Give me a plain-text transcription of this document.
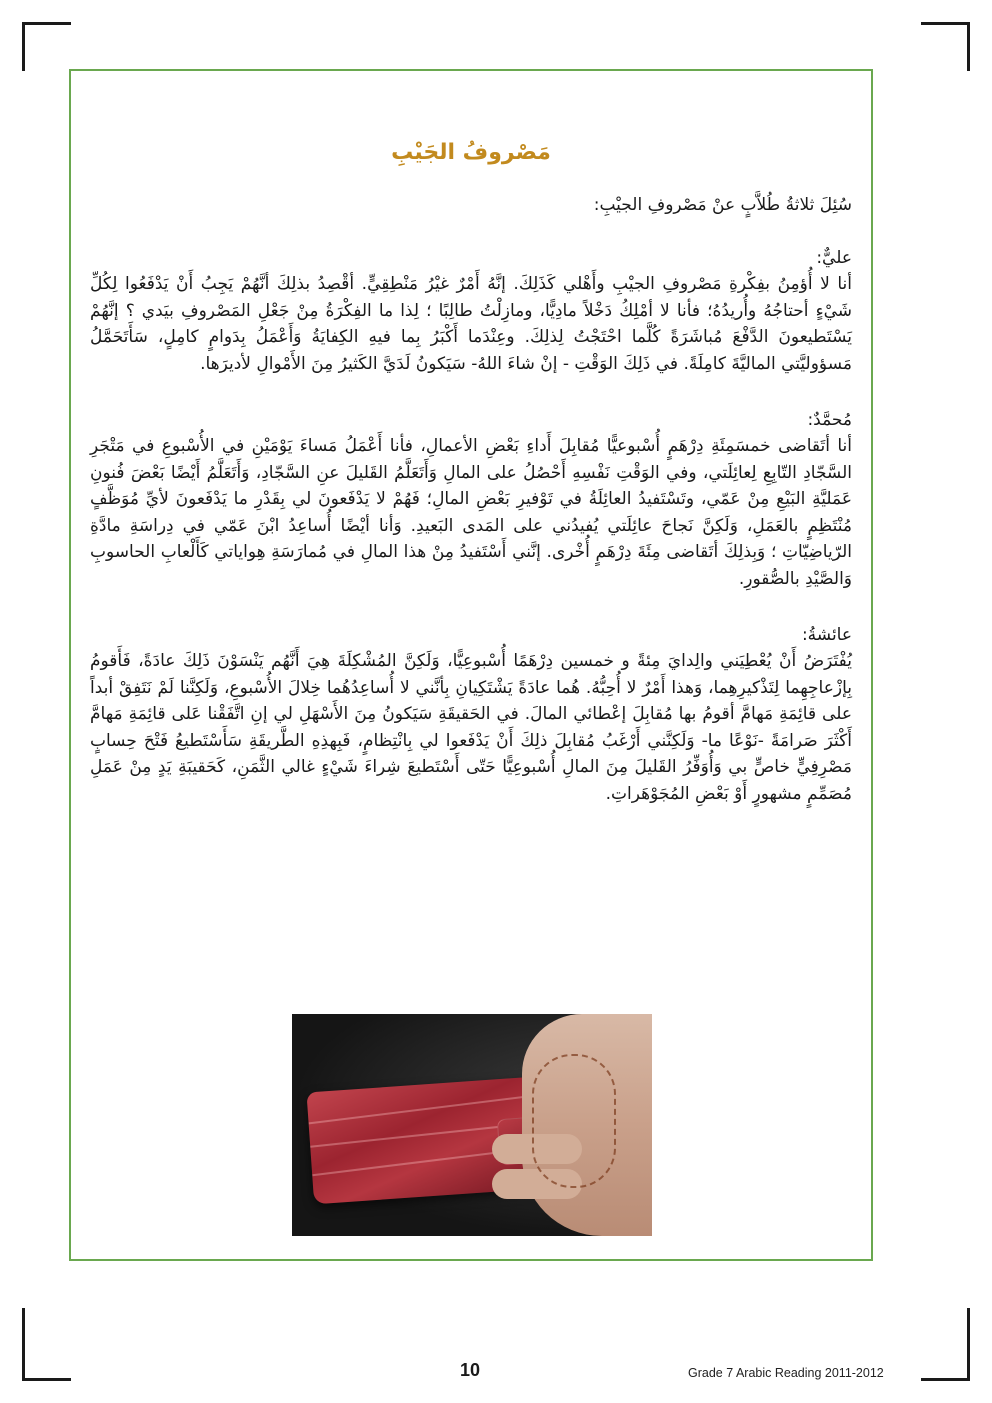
مَصْروفُ الجَيْبِ

سُئِلَ ثلاثةُ طُلاَّبٍ عنْ مَصْروفِ الجيْبِ:

عليٌّ:

أنا لا أُؤمِنُ بفِكْرةِ مَصْروفِ الجيْبِ وأَهْلي كَذَلِكَ. إنَّهُ أَمْرٌ غيْرُ مَنْطِقِيٍّ. أقْصِدُ بذلِكَ أنَّهُمْ يَجِبُ أَنْ يَدْفَعُوا لِكُلِّ شَيْءٍ أحتاجُهُ وأُريدُهُ؛ فأنا لا أمْلِكُ دَخْلاً مادِيًّا، ومازِلْتُ طالِبًا ؛ لِذا ما الفِكْرَةُ مِنْ جَعْلِ المَصْروفِ بيَدي ؟ إنَّهُمْ يَسْتَطيعونَ الدَّفْعَ مُباشَرَةً كُلَّما احْتَجْتُ لِذلِكَ. وعِنْدَما أَكْبَرُ بِما فيهِ الكِفايَةُ وَأَعْمَلُ بِدَوامٍ كامِلٍ، سَأَتَحَمَّلُ مَسؤوليَّتي الماليَّةَ كامِلَةً. في ذَلِكَ الوَقْتِ - إنْ شاءَ اللهُ- سَيَكونُ لَدَيَّ الكَثيرُ مِنَ الأَمْوالِ لأديرَها.

مُحمَّدٌ:

أنا أتَقاضى خمسَمِئَةِ دِرْهَمٍ أُسْبوعيًّا مُقابِلَ أَداءِ بَعْضِ الأعمالِ، فأنا أَعْمَلُ مَساءَ يَوْمَيْنِ في الأُسْبوعِ في مَتْجَرِ السَّجّادِ التّابِعِ لِعائِلَتي، وفي الوَقْتِ نَفْسِهِ أَحْصُلُ على المالِ وَأَتَعَلَّمُ القَليلَ عنِ السَّجّادِ، وَأَتَعَلَّمُ أَيْضًا بَعْضَ فُنونِ عَمَليَّةِ البَيْعِ مِنْ عَمّي، وتَسْتَفيدُ العائِلَةُ في تَوْفيرِ بَعْضِ المالِ؛ فَهُمْ لا يَدْفَعونَ لي بِقَدْرِ ما يَدْفَعونَ لأيِّ مُوَظَّفٍ مُنْتَظِمٍ بالعَمَلِ، وَلَكِنَّ نَجاحَ عائِلَتي يُفيدُني على المَدى البَعيدِ. وَأنا أيْضًا أُساعِدُ ابْنَ عَمّي في دِراسَةِ مادَّةِ الرّياضِيّاتِ ؛ وَبِذلِكَ أتَقاضى مِئَةَ دِرْهَمٍ أُخْرى. إنَّني أَسْتَفيدُ مِنْ هذا المالِ في مُمارَسَةِ هِواياتي كَأَلْعابِ الحاسوبِ وَالصَّيْدِ بالصُّقورِ.

عائشةُ:

يُفْتَرَضُ أَنْ يُعْطِيَني والِدايَ مِئةً و خمسين دِرْهَمًا أُسْبوعِيًّا، وَلَكِنَّ المُشْكِلَةَ هِيَ أَنَّهُم يَنْسَوْنَ ذَلِكَ عادَةً، فَأَقومُ بِإزْعاجِهِما لِتَذْكيرِهِما، وَهذا أَمْرٌ لا أُحِبُّهُ. هُما عادَةً يَشْتَكِيانِ بِأنَّني لا أُساعِدُهُما خِلالَ الأُسْبوعِ، وَلَكِنَّنا لَمْ نَتَفِقْ أبداً على قائِمَةِ مَهامَّ أقومُ بها مُقابِلَ إعْطائي المالَ. في الحَقيقَةِ سَيَكونُ مِنَ الأَسْهَلِ لي إنِ اتَّفَقْنا عَلى قائِمَةِ مَهامَّ أَكْثَرَ صَرامَةً -نَوْعًا ما- وَلَكِنَّني أَرْغَبُ مُقابِلَ ذلِكَ أَنْ يَدْفَعوا لي بِانْتِظامٍ، فَبِهذِهِ الطَّريقَةِ سَأَسْتَطيعُ فَتْحَ حِسابٍ مَصْرِفِيٍّ خاصٍّ بي وَأُوَفِّرُ القَليلَ مِنَ المالِ أُسْبوعِيًّا حَتّى أَسْتَطيعَ شِراءَ شَيْءٍ غالي الثَّمَنِ، كَحَقيبَةِ يَدٍ مِنْ عَمَلِ مُصَمِّمٍ مشهورٍ أَوْ بَعْضِ المُجَوْهَراتِ.

10	Grade 7 Arabic Reading 2011-2012
